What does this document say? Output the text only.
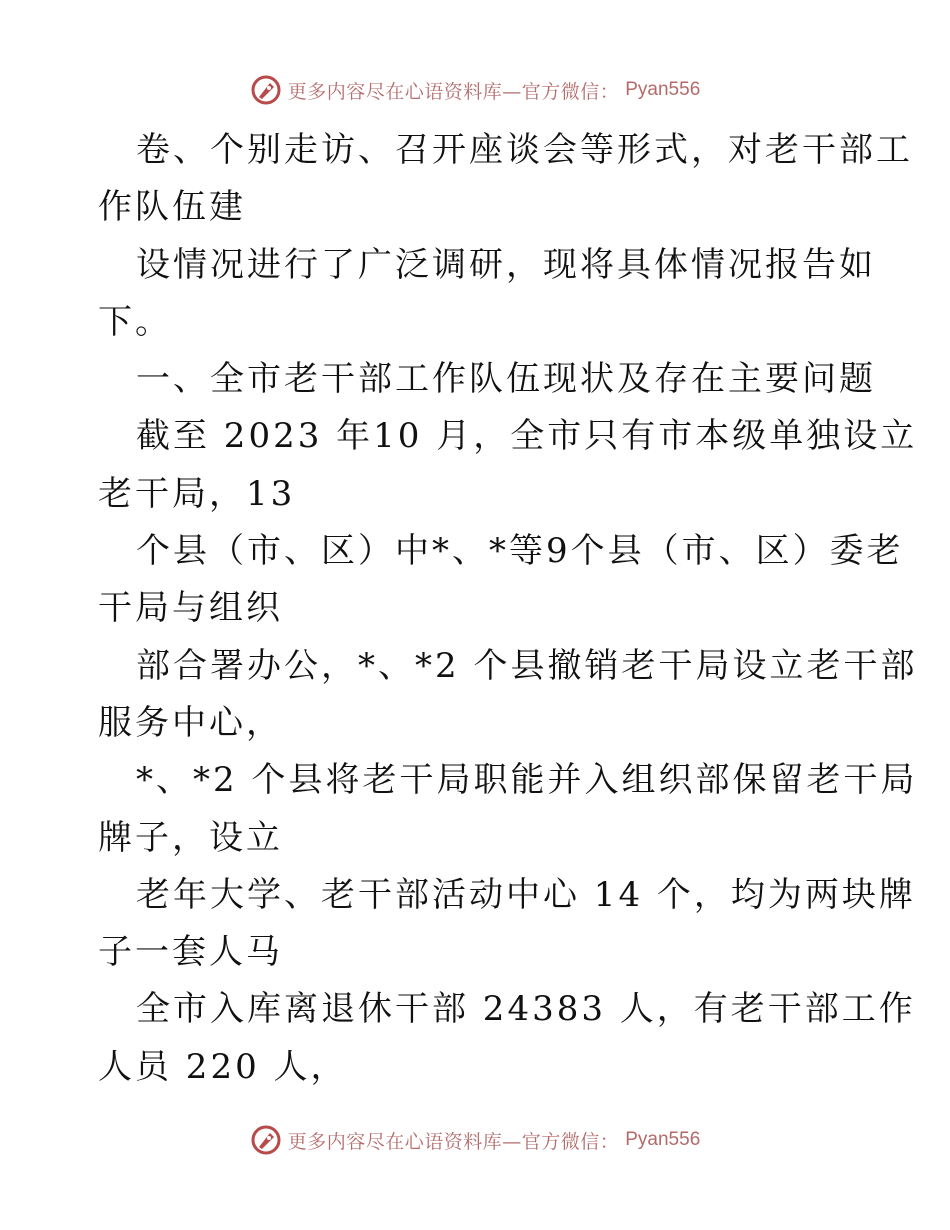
更多内容尽在心语资料库—官方微信： Pyan556

卷、个别走访、召开座谈会等形式，对老干部工

作队伍建

设情况进行了广泛调研，现将具体情况报告如

下。

一、全市老干部工作队伍现状及存在主要问题

截至 2023 年10 月，全市只有市本级单独设立

老干局，13

个县（市、区）中*、*等9个县（市、区）委老

干局与组织

部合署办公，*、*2 个县撤销老干局设立老干部

服务中心，

*、*2 个县将老干局职能并入组织部保留老干局

牌子，设立

老年大学、老干部活动中心 14 个，均为两块牌

子一套人马

全市入库离退休干部 24383 人，有老干部工作

人员 220 人，

更多内容尽在心语资料库—官方微信： Pyan556
